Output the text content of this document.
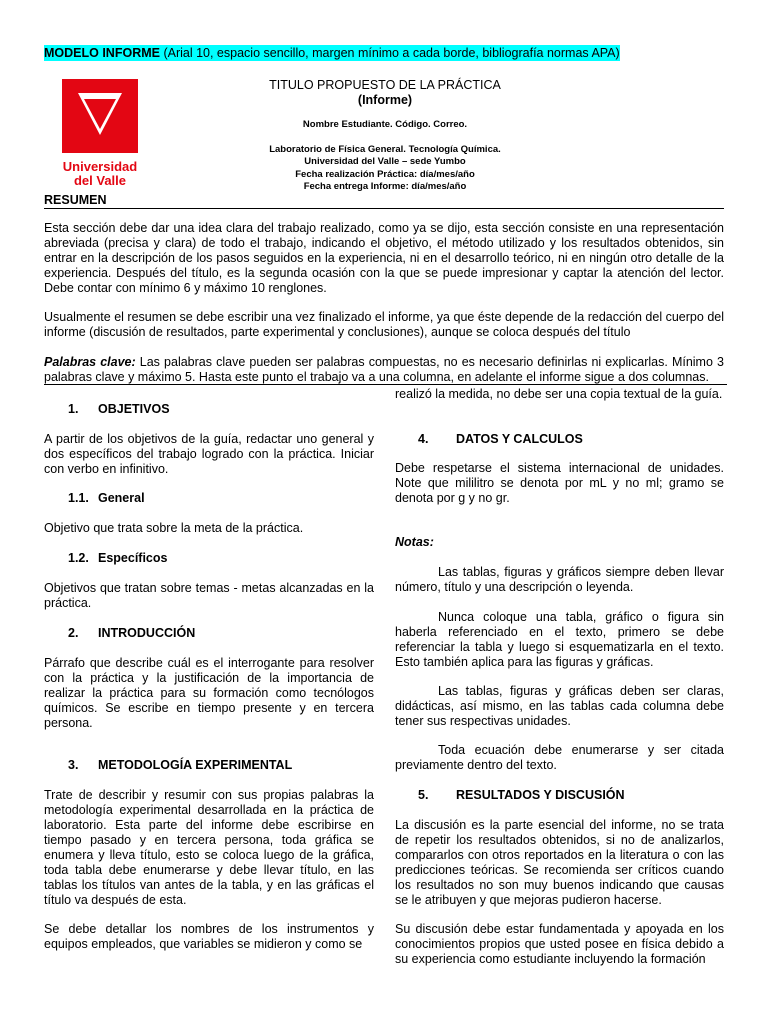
MODELO INFORME (Arial 10, espacio sencillo, margen mínimo a cada borde, bibliografía normas APA)
Universidad
del Valle
TITULO PROPUESTO DE LA PRÁCTICA
(Informe)
Nombre Estudiante. Código. Correo.
Laboratorio de Física General. Tecnología Química.
Universidad del Valle – sede Yumbo
Fecha realización Práctica: día/mes/año
Fecha entrega Informe: día/mes/año
RESUMEN

Esta sección debe dar una idea clara del trabajo realizado, como ya se dijo, esta sección consiste en una representación abreviada (precisa y clara) de todo el trabajo, indicando el objetivo, el método utilizado y los resultados obtenidos, sin entrar en la descripción de los pasos seguidos en la experiencia, ni en el desarrollo teórico, ni en ningún otro detalle de la experiencia. Después del título, es la segunda ocasión con la que se puede impresionar y captar la atención del lector. Debe contar con mínimo 6 y máximo 10 renglones.

Usualmente el resumen se debe escribir una vez finalizado el informe, ya que éste depende de la redacción del cuerpo del informe (discusión de resultados, parte experimental y conclusiones), aunque se coloca después del título

Palabras clave: Las palabras clave pueden ser palabras compuestas, no es necesario definirlas ni explicarlas. Mínimo 3 palabras clave y máximo 5. Hasta este punto el trabajo va a una columna, en adelante el informe sigue a dos columnas.

1. OBJETIVOS

A partir de los objetivos de la guía, redactar uno general y dos específicos del trabajo logrado con la práctica. Iniciar con verbo en infinitivo.

1.1. General

Objetivo que trata sobre la meta de la práctica.

1.2. Específicos

Objetivos que tratan sobre temas - metas alcanzadas en la práctica.

2. INTRODUCCIÓN

Párrafo que describe cuál es el interrogante para resolver con la práctica y la justificación de la importancia de realizar la práctica para su formación como tecnólogos químicos. Se escribe en tiempo presente y en tercera persona.

3. METODOLOGÍA EXPERIMENTAL

Trate de describir y resumir con sus propias palabras la metodología experimental desarrollada en la práctica de laboratorio. Esta parte del informe debe escribirse en tiempo pasado y en tercera persona, toda gráfica se enumera y lleva título, esto se coloca luego de la gráfica, toda tabla debe enumerarse y debe llevar título, en las tablas los títulos van antes de la tabla, y en las gráficas el título va después de esta.

Se debe detallar los nombres de los instrumentos y equipos empleados, que variables se midieron y como se

realizó la medida, no debe ser una copia textual de la guía.

4. DATOS Y CALCULOS

Debe respetarse el sistema internacional de unidades. Note que mililitro se denota por mL y no ml; gramo se denota por g y no gr.

Notas:

Las tablas, figuras y gráficos siempre deben llevar número, título y una descripción o leyenda.

Nunca coloque una tabla, gráfico o figura sin haberla referenciado en el texto, primero se debe referenciar la tabla y luego si esquematizarla en el texto. Esto también aplica para las figuras y gráficas.

Las tablas, figuras y gráficas deben ser claras, didácticas, así mismo, en las tablas cada columna debe tener sus respectivas unidades.

Toda ecuación debe enumerarse y ser citada previamente dentro del texto.

5. RESULTADOS Y DISCUSIÓN

La discusión es la parte esencial del informe, no se trata de repetir los resultados obtenidos, si no de analizarlos, compararlos con otros reportados en la literatura o con las predicciones teóricas. Se recomienda ser críticos cuando los resultados no son muy buenos indicando que causas se le atribuyen y que mejoras pudieron hacerse.

Su discusión debe estar fundamentada y apoyada en los conocimientos propios que usted posee en física debido a su experiencia como estudiante incluyendo la formación
